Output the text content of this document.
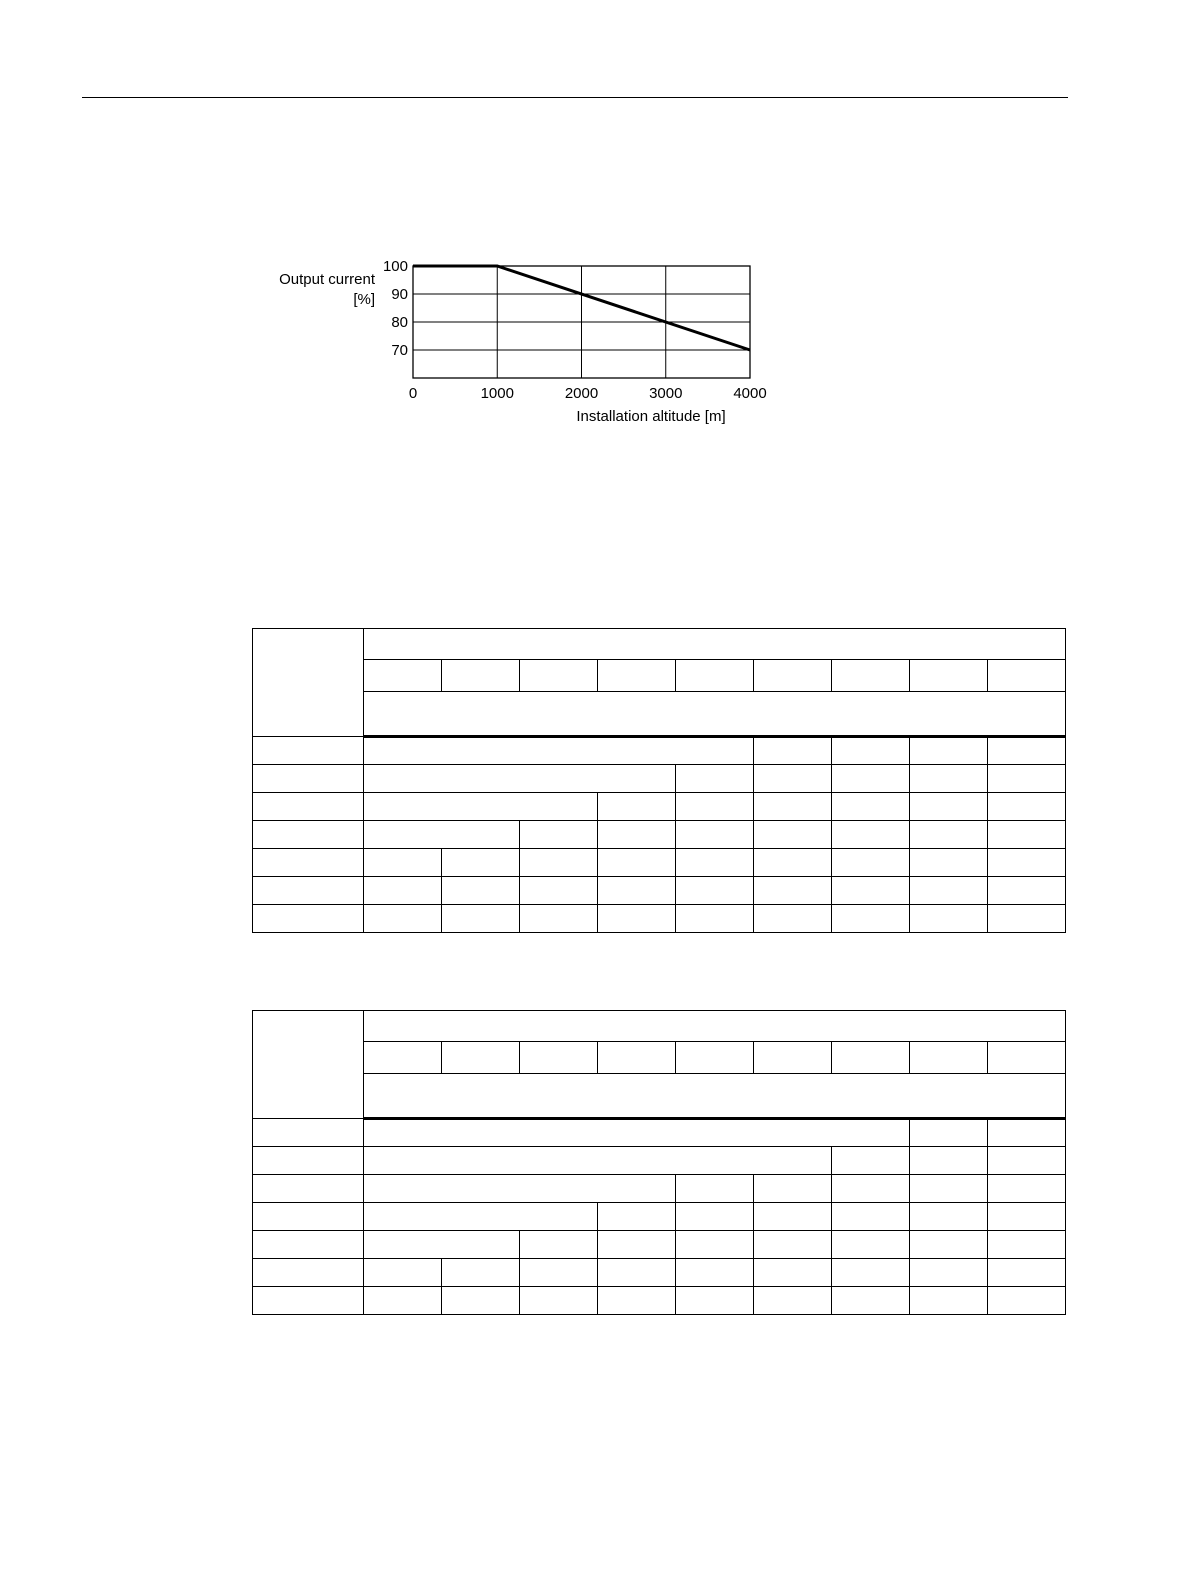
0	1000	2000	3000	4000
100
90
80
70
Output current
[%]
Installation altitude [m]
